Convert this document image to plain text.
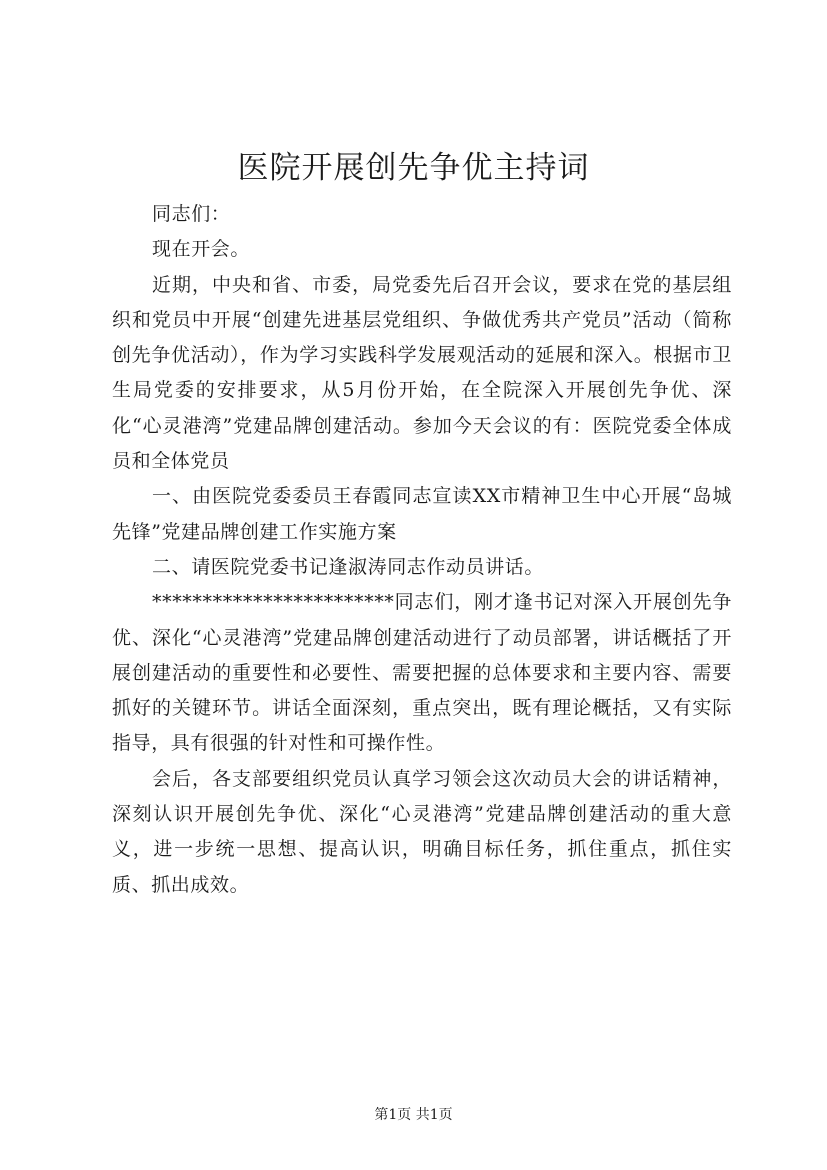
医院开展创先争优主持词

同志们：

现在开会。

近期，中央和省、市委，局党委先后召开会议，要求在党的基层组织和党员中开展“创建先进基层党组织、争做优秀共产党员”活动（简称创先争优活动），作为学习实践科学发展观活动的延展和深入。根据市卫生局党委的安排要求，从5月份开始，在全院深入开展创先争优、深化“心灵港湾”党建品牌创建活动。参加今天会议的有：医院党委全体成员和全体党员

一、由医院党委委员王春霞同志宣读XX市精神卫生中心开展“岛城先锋”党建品牌创建工作实施方案

二、请医院党委书记逢淑涛同志作动员讲话。

************************同志们，刚才逢书记对深入开展创先争优、深化“心灵港湾”党建品牌创建活动进行了动员部署，讲话概括了开展创建活动的重要性和必要性、需要把握的总体要求和主要内容、需要抓好的关键环节。讲话全面深刻，重点突出，既有理论概括，又有实际指导，具有很强的针对性和可操作性。

会后，各支部要组织党员认真学习领会这次动员大会的讲话精神，深刻认识开展创先争优、深化“心灵港湾”党建品牌创建活动的重大意义，进一步统一思想、提高认识，明确目标任务，抓住重点，抓住实质、抓出成效。

第1页 共1页
